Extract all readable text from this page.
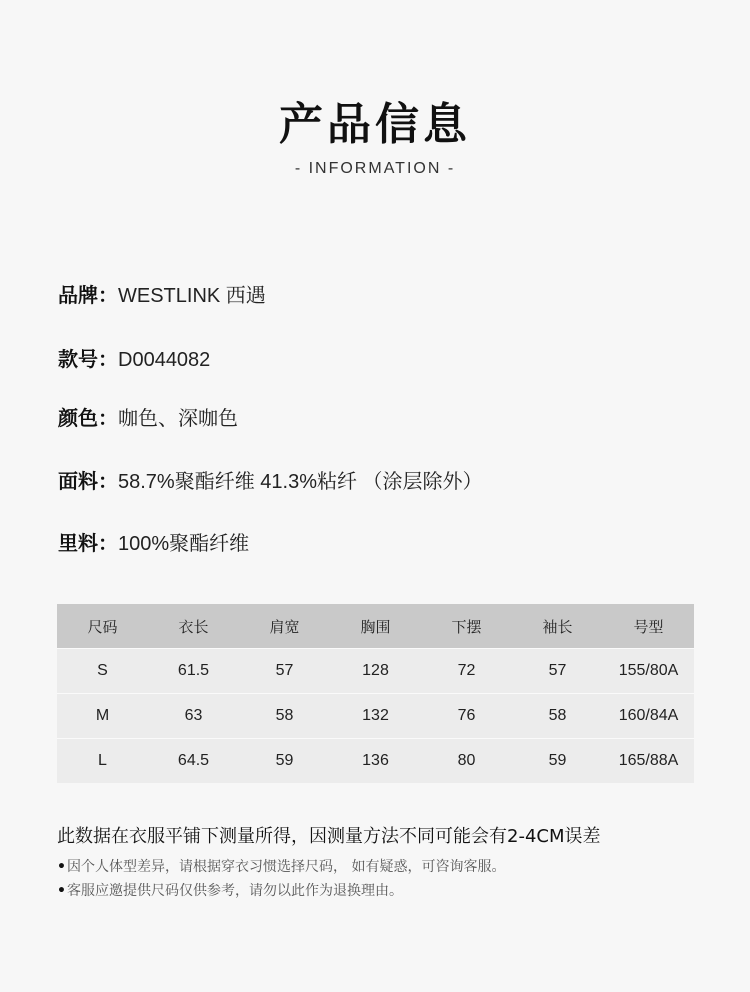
产品信息
- INFORMATION -
品牌：WESTLINK 西遇
款号：D0044082
颜色：咖色、深咖色
面料：58.7%聚酯纤维 41.3%粘纤 （涂层除外）
里料：100%聚酯纤维
尺码	衣长	肩宽	胸围	下摆	袖长	号型
S	61.5	57	128	72	57	155/80A
M	63	58	132	76	58	160/84A
L	64.5	59	136	80	59	165/88A
此数据在衣服平铺下测量所得，因测量方法不同可能会有2-4CM误差
•因个人体型差异，请根据穿衣习惯选择尺码， 如有疑惑，可咨询客服。
•客服应邀提供尺码仅供参考，请勿以此作为退换理由。
